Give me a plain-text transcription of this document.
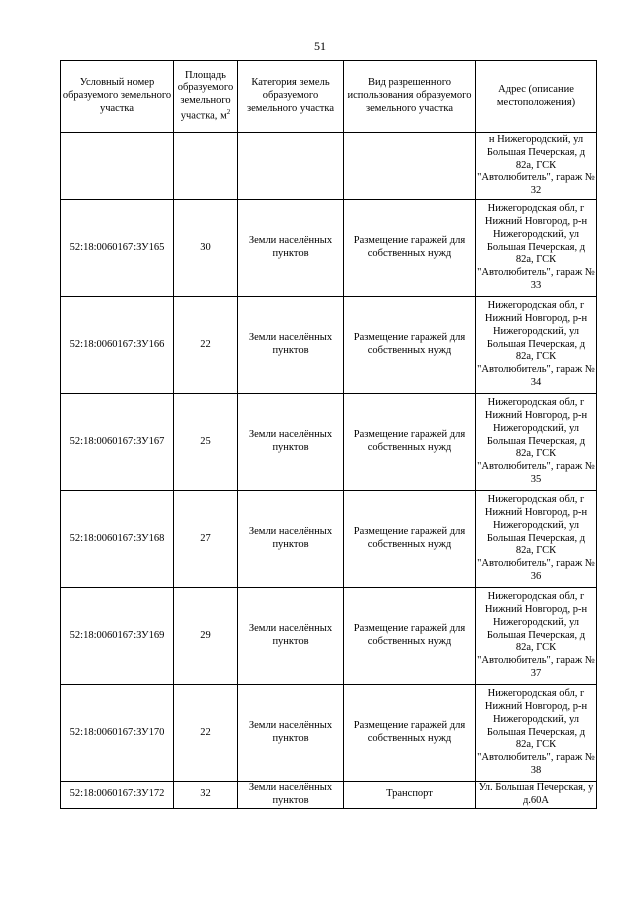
51
Условный номер образуемого земельного участка	Площадь образуемого земельного участка, $м^2$	Категория земель образуемого земельного участка	Вид разрешенного использования образуемого земельного участка	Адрес (описание местоположения)
				н Нижегородский, ул Большая Печерская, д 82а, ГСК "Автолюбитель", гараж № 32
52:18:0060167:ЗУ165	30	Земли населённых пунктов	Размещение гаражей для собственных нужд	Нижегородская обл, г Нижний Новгород, р-н Нижегородский, ул Большая Печерская, д 82а, ГСК "Автолюбитель", гараж № 33
52:18:0060167:ЗУ166	22	Земли населённых пунктов	Размещение гаражей для собственных нужд	Нижегородская обл, г Нижний Новгород, р-н Нижегородский, ул Большая Печерская, д 82а, ГСК "Автолюбитель", гараж № 34
52:18:0060167:ЗУ167	25	Земли населённых пунктов	Размещение гаражей для собственных нужд	Нижегородская обл, г Нижний Новгород, р-н Нижегородский, ул Большая Печерская, д 82а, ГСК "Автолюбитель", гараж № 35
52:18:0060167:ЗУ168	27	Земли населённых пунктов	Размещение гаражей для собственных нужд	Нижегородская обл, г Нижний Новгород, р-н Нижегородский, ул Большая Печерская, д 82а, ГСК "Автолюбитель", гараж № 36
52:18:0060167:ЗУ169	29	Земли населённых пунктов	Размещение гаражей для собственных нужд	Нижегородская обл, г Нижний Новгород, р-н Нижегородский, ул Большая Печерская, д 82а, ГСК "Автолюбитель", гараж № 37
52:18:0060167:ЗУ170	22	Земли населённых пунктов	Размещение гаражей для собственных нужд	Нижегородская обл, г Нижний Новгород, р-н Нижегородский, ул Большая Печерская, д 82а, ГСК "Автолюбитель", гараж № 38
52:18:0060167:ЗУ172	32	Земли населённых пунктов	Транспорт	Ул. Большая Печерская, у д.60А
